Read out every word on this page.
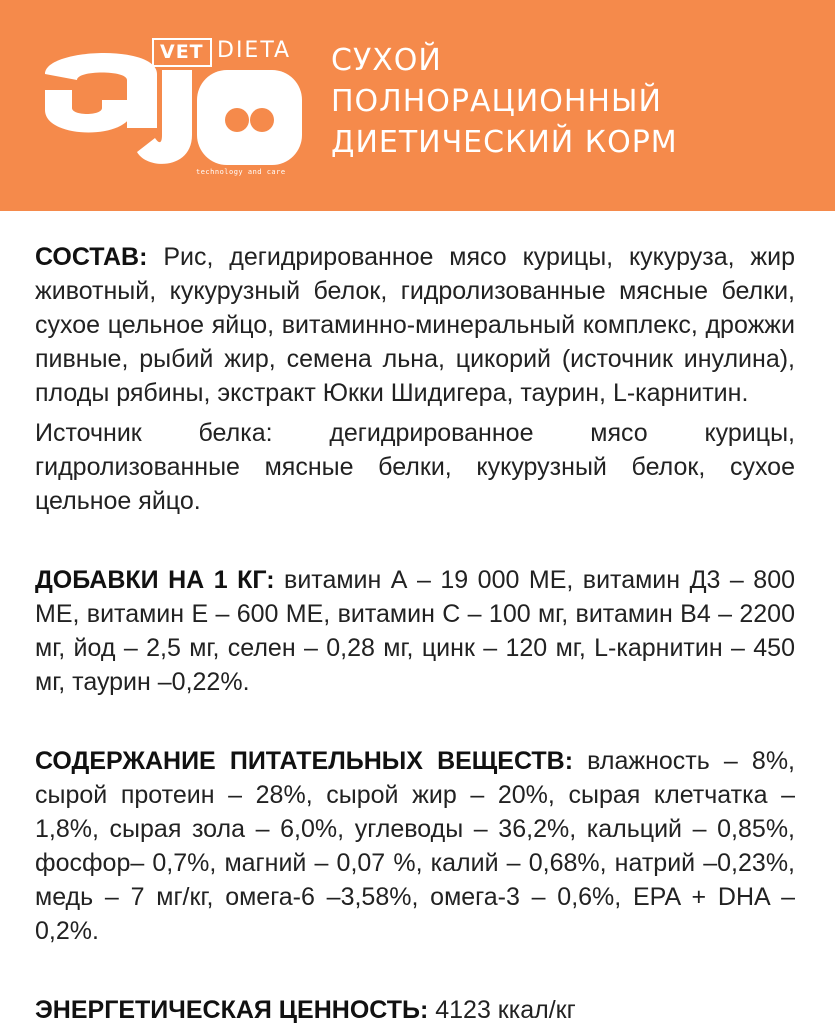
VET DIETA
technology and care
СУХОЙ
ПОЛНОРАЦИОННЫЙ
ДИЕТИЧЕСКИЙ КОРМ

СОСТАВ: Рис, дегидрированное мясо курицы, кукуруза, жир животный, кукурузный белок, гидролизованные мясные белки, сухое цельное яйцо, витаминно-минеральный комплекс, дрожжи пивные, рыбий жир, семена льна, цикорий (источник инулина), плоды рябины, экстракт Юкки Шидигера, таурин, L-карнитин.

Источник белка: дегидрированное мясо курицы, гидролизованные мясные белки, кукурузный белок, сухое цельное яйцо.

ДОБАВКИ НА 1 КГ: витамин А – 19 000 МЕ, витамин Д3 – 800 МЕ, витамин Е – 600 МЕ, витамин С – 100 мг, витамин В4 – 2200 мг, йод – 2,5 мг, селен – 0,28 мг, цинк – 120 мг, L-карнитин – 450 мг, таурин –0,22%.

СОДЕРЖАНИЕ ПИТАТЕЛЬНЫХ ВЕЩЕСТВ: влажность – 8%, сырой протеин – 28%, сырой жир – 20%, сырая клетчатка – 1,8%, сырая зола – 6,0%, углеводы – 36,2%, кальций – 0,85%, фосфор– 0,7%, магний – 0,07 %, калий – 0,68%, натрий –0,23%, медь – 7 мг/кг, омега-6 –3,58%, омега-3 – 0,6%, EPA + DHA – 0,2%.

ЭНЕРГЕТИЧЕСКАЯ ЦЕННОСТЬ: 4123 ккал/кг
